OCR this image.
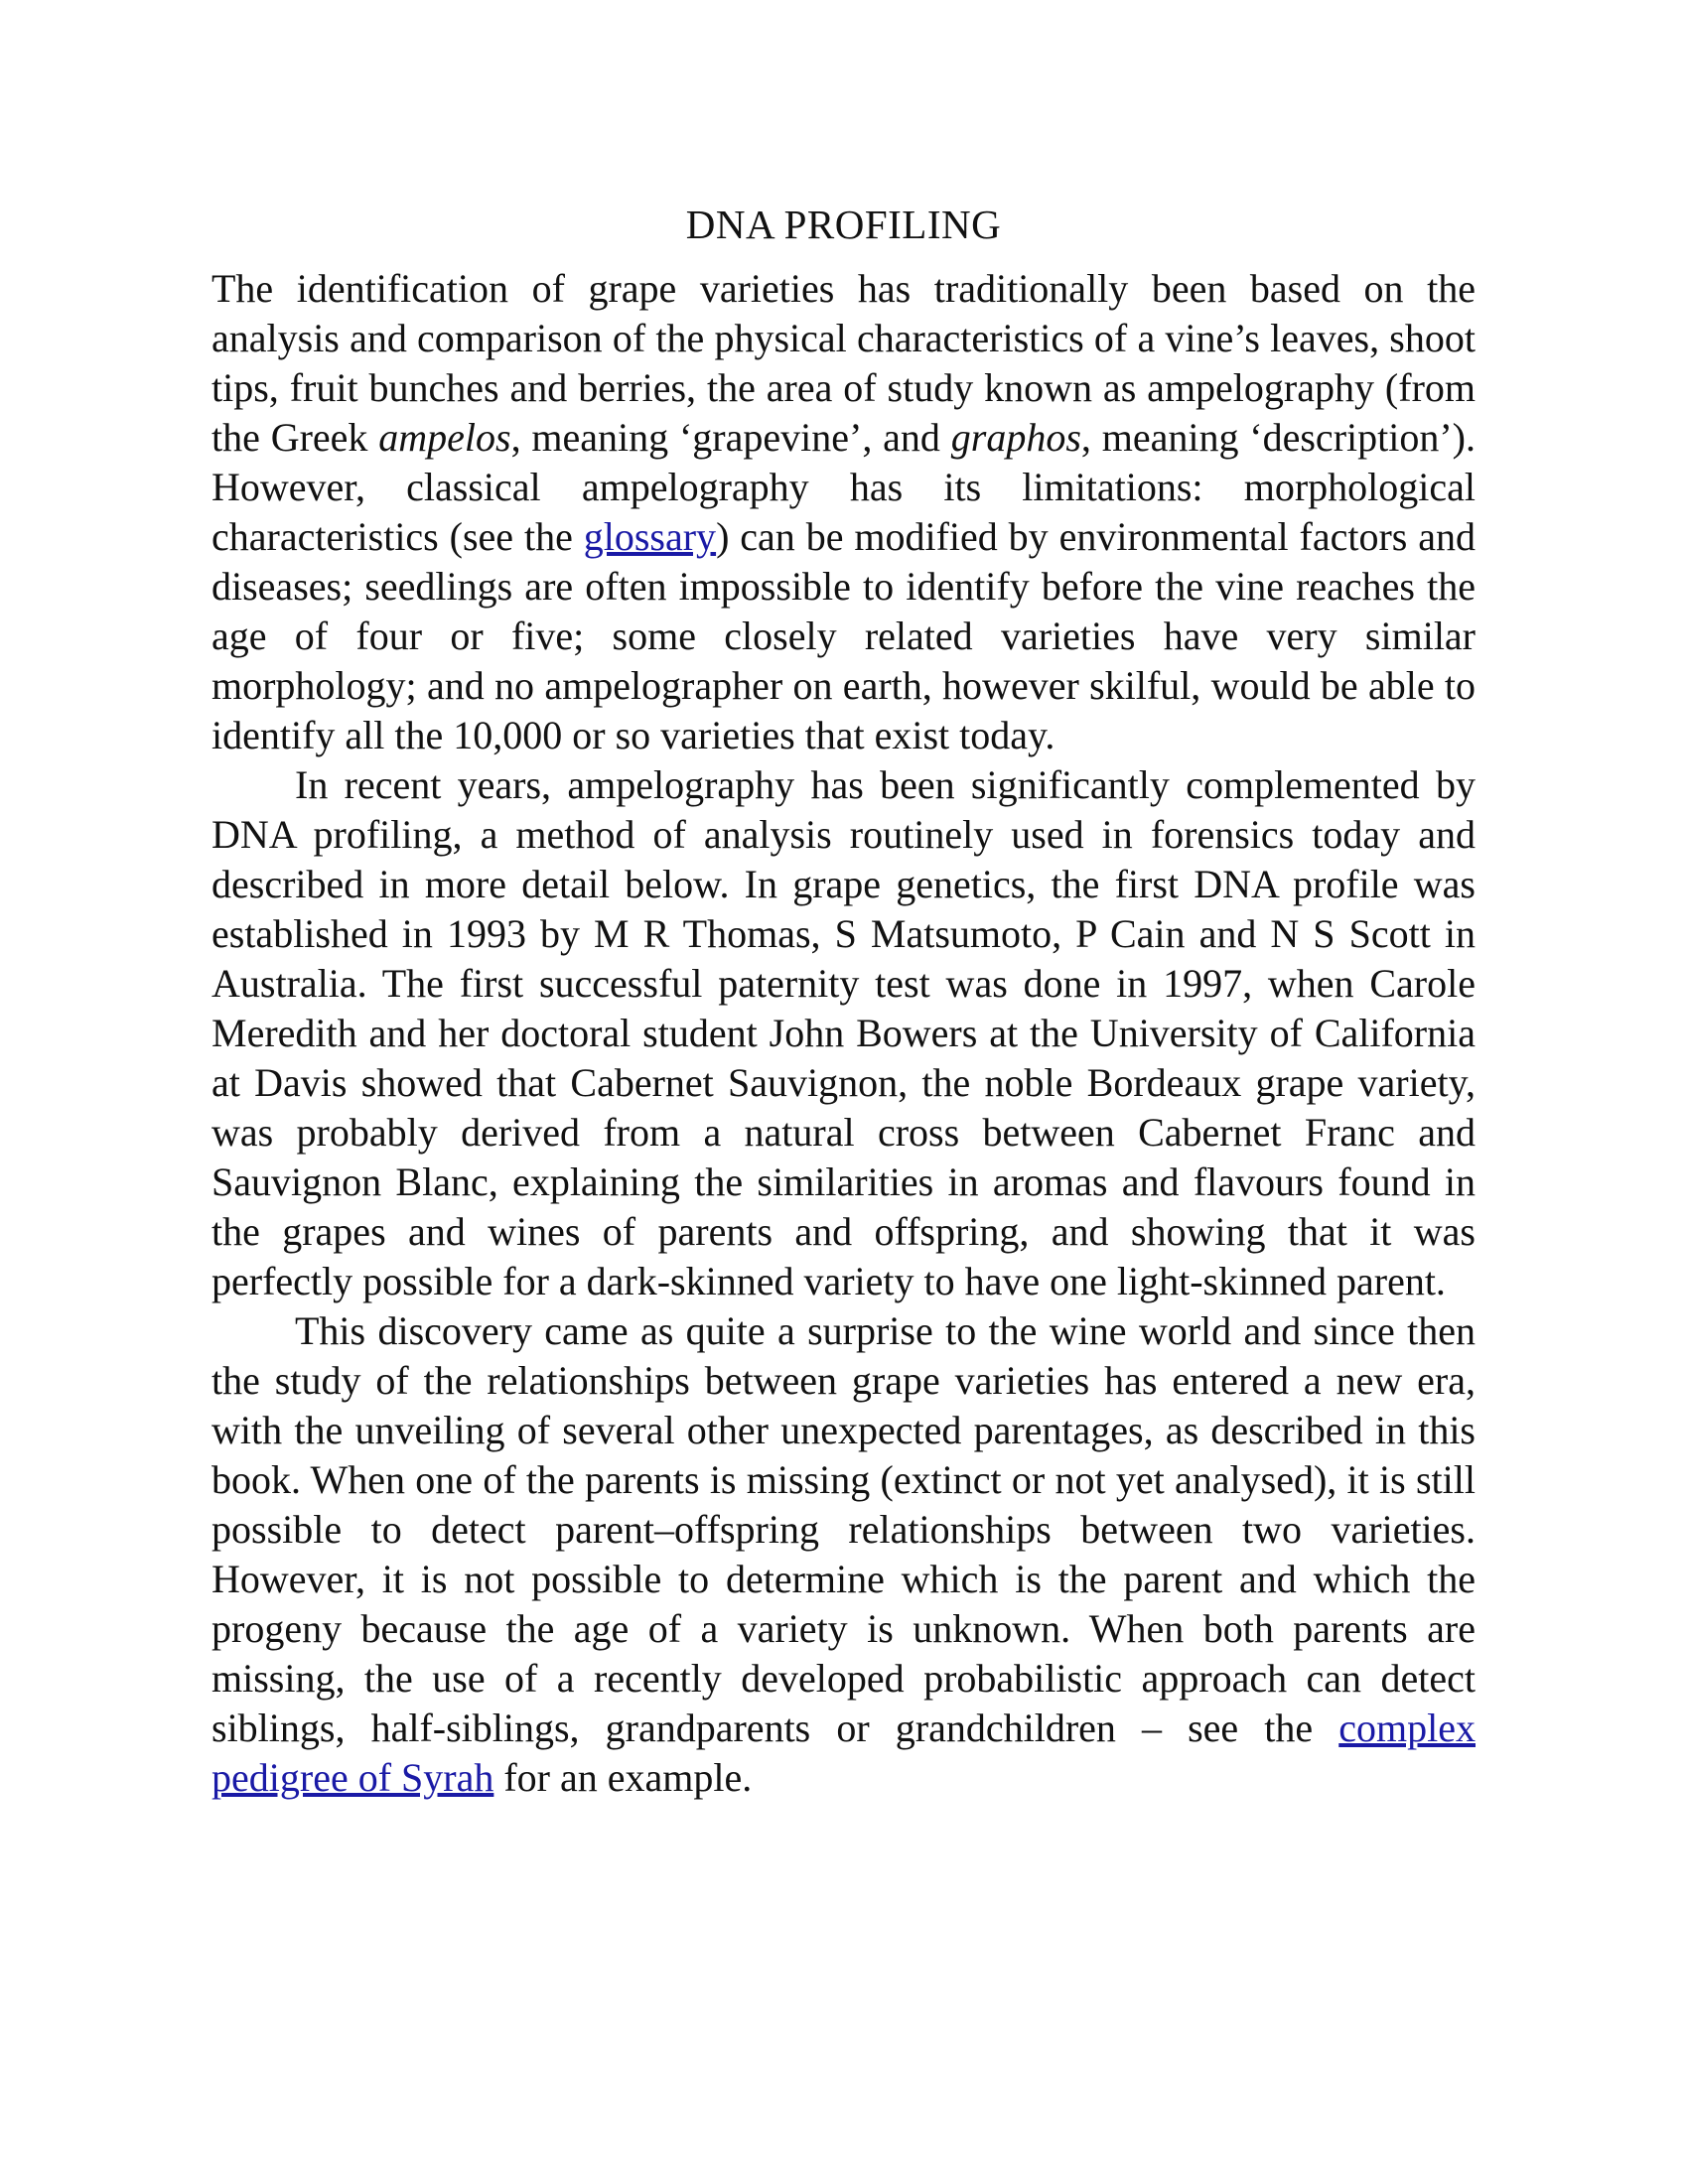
DNA PROFILING

The identification of grape varieties has traditionally been based on the analysis and comparison of the physical characteristics of a vine’s leaves, shoot tips, fruit bunches and berries, the area of study known as ampelography (from the Greek ampelos, meaning ‘grapevine’, and graphos, meaning ‘description’). However, classical ampelography has its limitations: morphological characteristics (see the glossary) can be modified by environmental factors and diseases; seedlings are often impossible to identify before the vine reaches the age of four or five; some closely related varieties have very similar morphology; and no ampelographer on earth, however skilful, would be able to identify all the 10,000 or so varieties that exist today.

In recent years, ampelography has been significantly complemented by DNA profiling, a method of analysis routinely used in forensics today and described in more detail below. In grape genetics, the first DNA profile was established in 1993 by M R Thomas, S Matsumoto, P Cain and N S Scott in Australia. The first successful paternity test was done in 1997, when Carole Meredith and her doctoral student John Bowers at the University of California at Davis showed that Cabernet Sauvignon, the noble Bordeaux grape variety, was probably derived from a natural cross between Cabernet Franc and Sauvignon Blanc, explaining the similarities in aromas and flavours found in the grapes and wines of parents and offspring, and showing that it was perfectly possible for a dark-skinned variety to have one light-skinned parent.

This discovery came as quite a surprise to the wine world and since then the study of the relationships between grape varieties has entered a new era, with the unveiling of several other unexpected parentages, as described in this book. When one of the parents is missing (extinct or not yet analysed), it is still possible to detect parent–offspring relationships between two varieties. However, it is not possible to determine which is the parent and which the progeny because the age of a variety is unknown. When both parents are missing, the use of a recently developed probabilistic approach can detect siblings, half-siblings, grandparents or grandchildren – see the complex pedigree of Syrah for an example.
